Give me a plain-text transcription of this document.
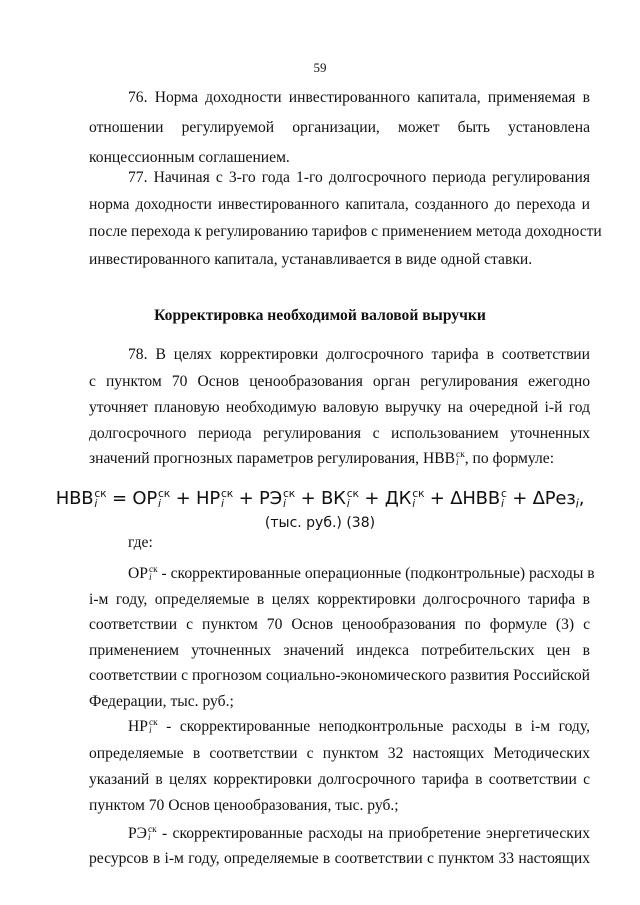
59
76. Норма доходности инвестированного капитала, применяемая в
отношении регулируемой организации, может быть установлена
концессионным соглашением.
77. Начиная с 3-го года 1-го долгосрочного периода регулирования
норма доходности инвестированного капитала, созданного до перехода и
после перехода к регулированию тарифов с применением метода доходности
инвестированного капитала, устанавливается в виде одной ставки.
Корректировка необходимой валовой выручки
78. В целях корректировки долгосрочного тарифа в соответствии
с пунктом 70 Основ ценообразования орган регулирования ежегодно
уточняет плановую необходимую валовую выручку на очередной i-й год
долгосрочного периода регулирования с использованием уточненных
значений прогнозных параметров регулирования, НВВ ск
i , по формуле:
НВВ ск
i = ОР ск
i + НР ск
i + РЭ ск
i + ВК ск
i + ДК ск
i + ΔНВВ с
i + ΔРезi,
(тыс. руб.) (38)
где:
ОР ск
i - скорректированные операционные (подконтрольные) расходы в
i-м году, определяемые в целях корректировки долгосрочного тарифа в
соответствии с пунктом 70 Основ ценообразования по формуле (3) с
применением уточненных значений индекса потребительских цен в
соответствии с прогнозом социально-экономического развития Российской
Федерации, тыс. руб.;
НР ск
i - скорректированные неподконтрольные расходы в i-м году,
определяемые в соответствии с пунктом 32 настоящих Методических
указаний в целях корректировки долгосрочного тарифа в соответствии с
пунктом 70 Основ ценообразования, тыс. руб.;
РЭ ск
i - скорректированные расходы на приобретение энергетических
ресурсов в i-м году, определяемые в соответствии с пунктом 33 настоящих
